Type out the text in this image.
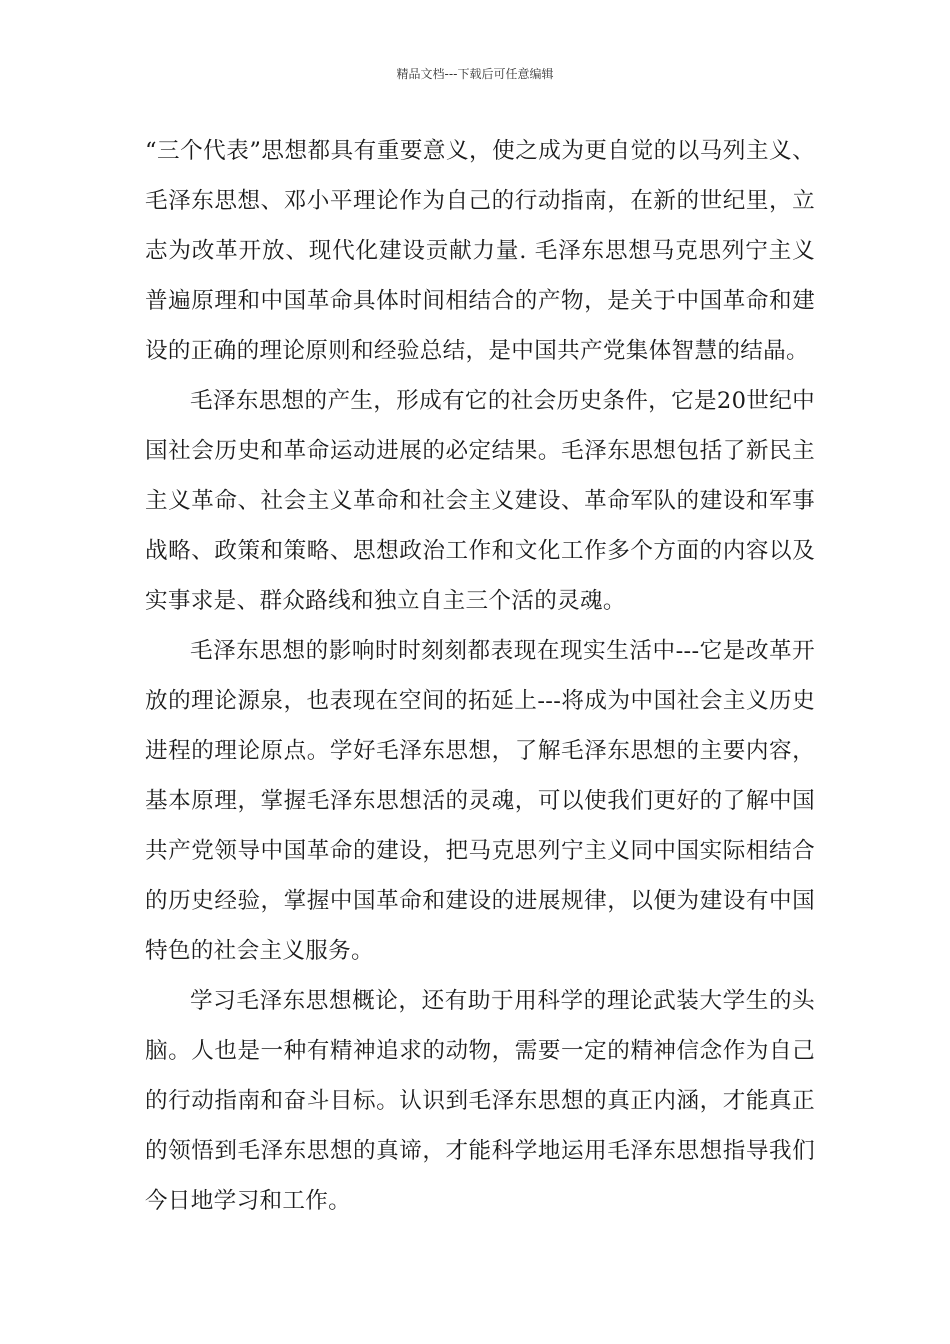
精品文档---下载后可任意编辑

“三个代表”思想都具有重要意义，使之成为更自觉的以马列主义、毛泽东思想、邓小平理论作为自己的行动指南，在新的世纪里，立志为改革开放、现代化建设贡献力量. 毛泽东思想马克思列宁主义普遍原理和中国革命具体时间相结合的产物，是关于中国革命和建设的正确的理论原则和经验总结，是中国共产党集体智慧的结晶。

毛泽东思想的产生，形成有它的社会历史条件，它是20世纪中国社会历史和革命运动进展的必定结果。毛泽东思想包括了新民主主义革命、社会主义革命和社会主义建设、革命军队的建设和军事战略、政策和策略、思想政治工作和文化工作多个方面的内容以及实事求是、群众路线和独立自主三个活的灵魂。

毛泽东思想的影响时时刻刻都表现在现实生活中---它是改革开放的理论源泉，也表现在空间的拓延上---将成为中国社会主义历史进程的理论原点。学好毛泽东思想，了解毛泽东思想的主要内容，基本原理，掌握毛泽东思想活的灵魂，可以使我们更好的了解中国共产党领导中国革命的建设，把马克思列宁主义同中国实际相结合的历史经验，掌握中国革命和建设的进展规律，以便为建设有中国特色的社会主义服务。

学习毛泽东思想概论，还有助于用科学的理论武装大学生的头脑。人也是一种有精神追求的动物，需要一定的精神信念作为自己的行动指南和奋斗目标。认识到毛泽东思想的真正内涵，才能真正的领悟到毛泽东思想的真谛，才能科学地运用毛泽东思想指导我们今日地学习和工作。
